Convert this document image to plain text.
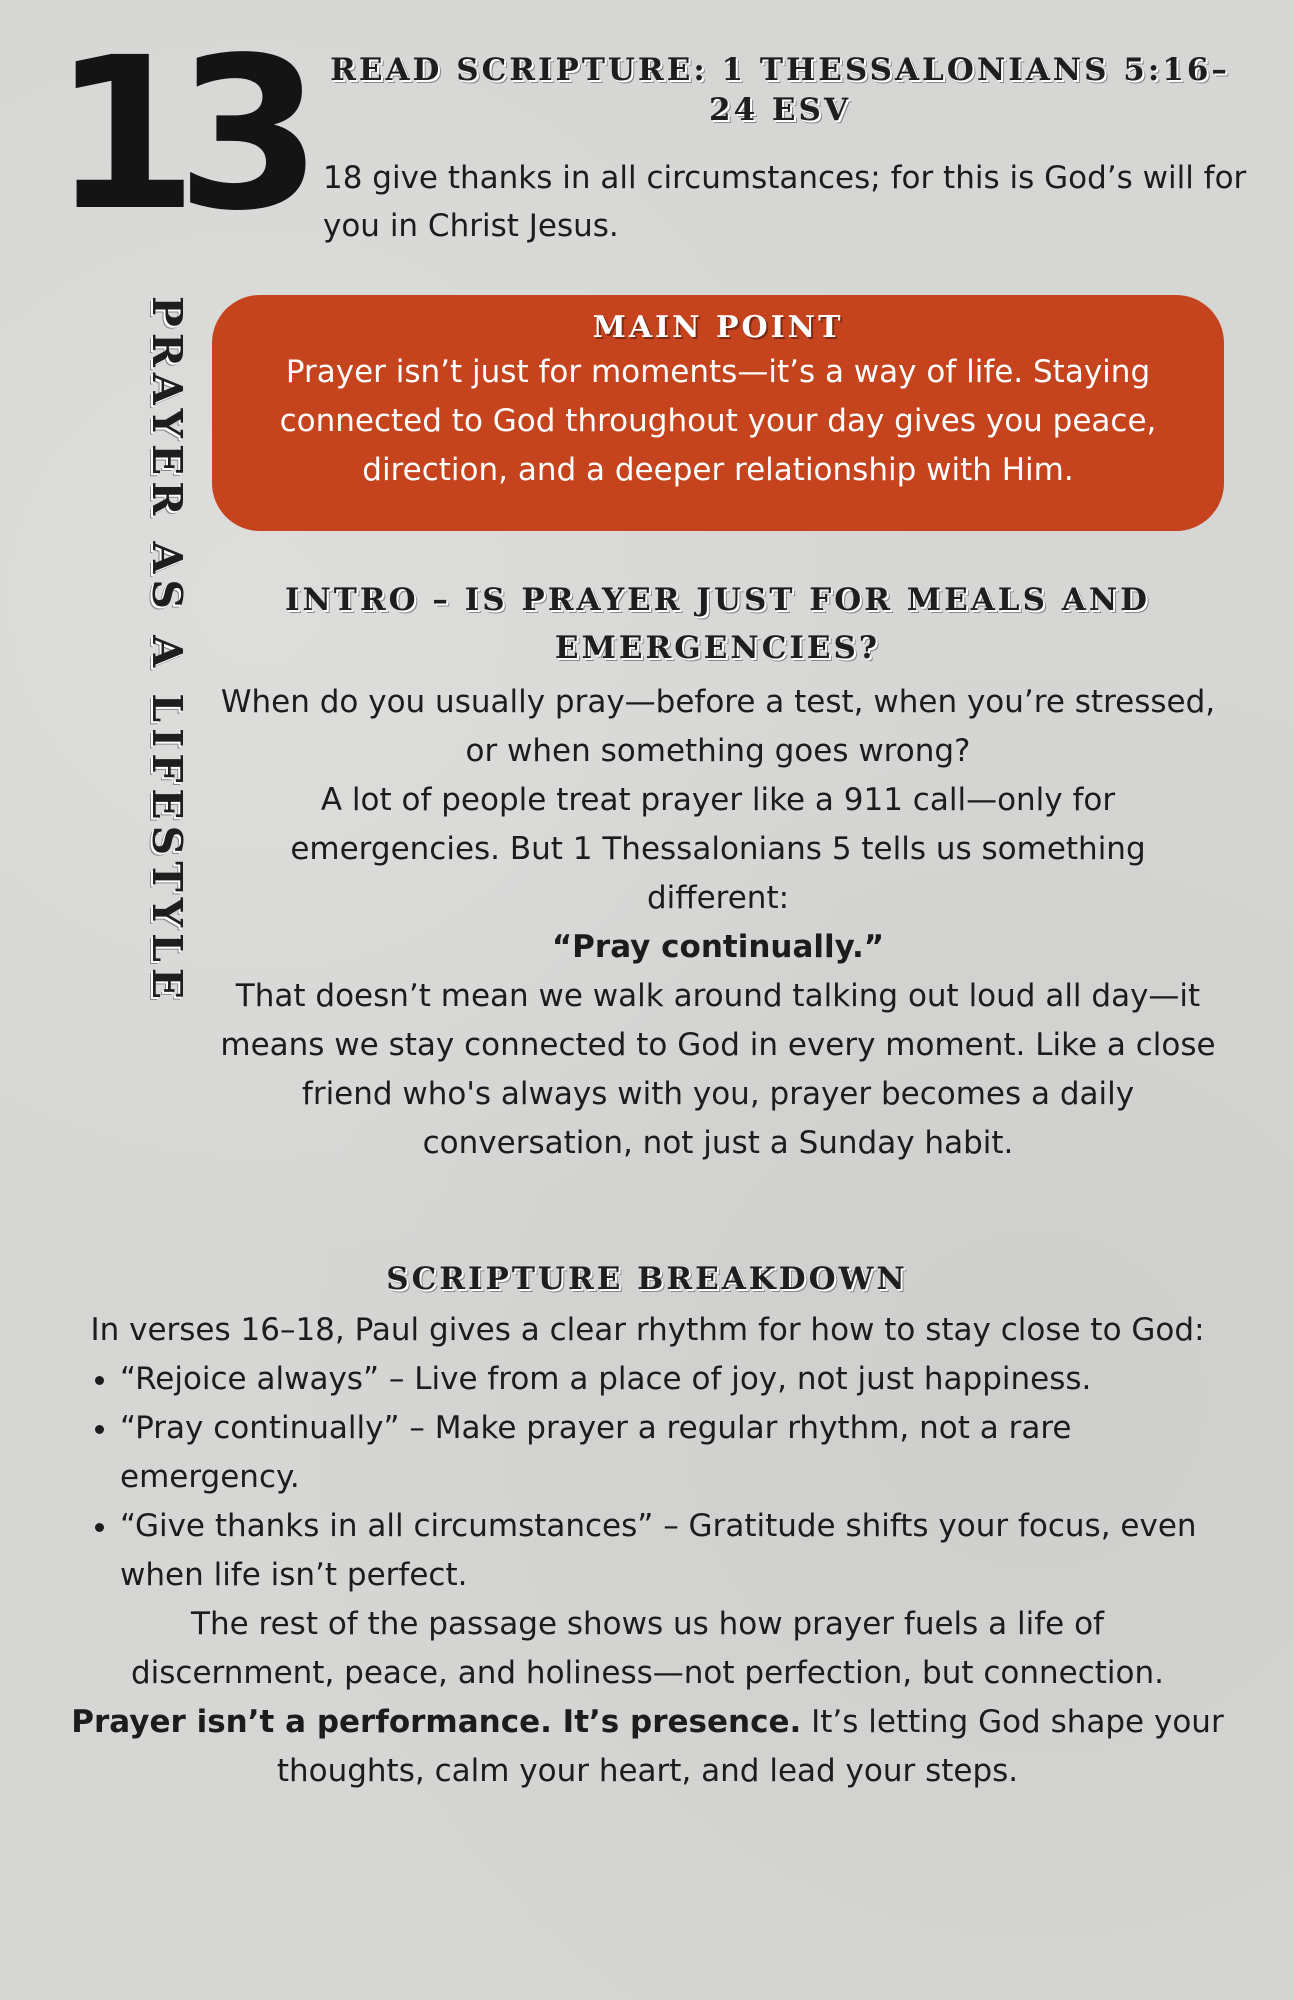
13
PRAYER AS A LIFESTYLE
READ SCRIPTURE: 1 THESSALONIANS 5:16–24 ESV
18 give thanks in all circumstances; for this is God’s will for you in Christ Jesus.
MAIN POINT
Prayer isn’t just for moments—it’s a way of life. Staying connected to God throughout your day gives you peace, direction, and a deeper relationship with Him.
INTRO – IS PRAYER JUST FOR MEALS AND EMERGENCIES?

When do you usually pray—before a test, when you’re stressed, or when something goes wrong?

A lot of people treat prayer like a 911 call—only for emergencies. But 1 Thessalonians 5 tells us something different:

“Pray continually.”

That doesn’t mean we walk around talking out loud all day—it means we stay connected to God in every moment. Like a close friend who's always with you, prayer becomes a daily conversation, not just a Sunday habit.

SCRIPTURE BREAKDOWN

In verses 16–18, Paul gives a clear rhythm for how to stay close to God:

• “Rejoice always” – Live from a place of joy, not just happiness.
• “Pray continually” – Make prayer a regular rhythm, not a rare emergency.
• “Give thanks in all circumstances” – Gratitude shifts your focus, even when life isn’t perfect.

The rest of the passage shows us how prayer fuels a life of discernment, peace, and holiness—not perfection, but connection.

Prayer isn’t a performance. It’s presence. It’s letting God shape your thoughts, calm your heart, and lead your steps.
